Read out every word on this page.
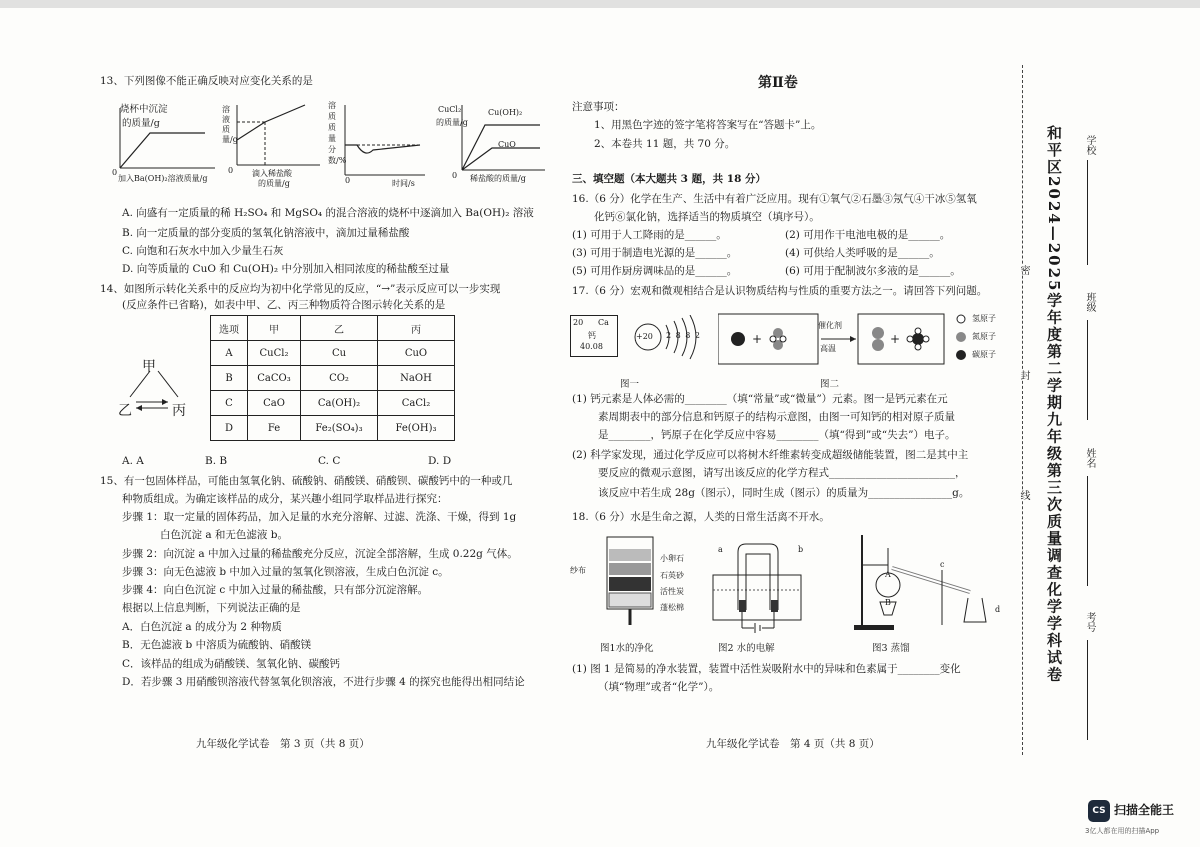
13、下列图像不能正确反映对应变化关系的是
烧杯中沉淀
的质量/g
0
加入Ba(OH)₂溶液质量/g
溶液质量/g
0 滴入稀盐酸
的质量/g
溶质质量分数/%
0	时间/s
CuCl₂
的质量/g
Cu(OH)₂
CuO
0 稀盐酸的质量/g
A. 向盛有一定质量的稀 H₂SO₄ 和 MgSO₄ 的混合溶液的烧杯中逐滴加入 Ba(OH)₂ 溶液
B. 向一定质量的部分变质的氢氧化钠溶液中，滴加过量稀盐酸
C. 向饱和石灰水中加入少量生石灰
D. 向等质量的 CuO 和 Cu(OH)₂ 中分别加入相同浓度的稀盐酸至过量
14、如图所示转化关系中的反应均为初中化学常见的反应，“→”表示反应可以一步实现
(反应条件已省略)，如表中甲、乙、丙三种物质符合图示转化关系的是
甲
乙	丙
选项	甲	乙	丙
A	CuCl₂	Cu	CuO
B	CaCO₃	CO₂	NaOH
C	CaO	Ca(OH)₂	CaCl₂
D	Fe	Fe₂(SO₄)₃	Fe(OH)₃
A. A	B. B	C. C	D. D
15、有一包固体样品，可能由氢氧化钠、硫酸钠、硝酸镁、硝酸钡、碳酸钙中的一种或几
种物质组成。为确定该样品的成分，某兴趣小组同学取样品进行探究：
步骤 1：取一定量的固体药品，加入足量的水充分溶解、过滤、洗涤、干燥，得到 1g
白色沉淀 a 和无色滤液 b。
步骤 2：向沉淀 a 中加入过量的稀盐酸充分反应，沉淀全部溶解，生成 0.22g 气体。
步骤 3：向无色滤液 b 中加入过量的氢氧化钡溶液，生成白色沉淀 c。
步骤 4：向白色沉淀 c 中加入过量的稀盐酸，只有部分沉淀溶解。
根据以上信息判断，下列说法正确的是
A．白色沉淀 a 的成分为 2 种物质
B．无色滤液 b 中溶质为硫酸钠、硝酸镁
C．该样品的组成为硝酸镁、氢氧化钠、碳酸钙
D．若步骤 3 用硝酸钡溶液代替氢氧化钡溶液，不进行步骤 4 的探究也能得出相同结论
九年级化学试卷　第 3 页（共 8 页）
第Ⅱ卷
注意事项：
1、用黑色字迹的签字笔将答案写在“答题卡”上。
2、本卷共 11 题，共 70 分。
三、填空题（本大题共 3 题，共 18 分）
16.（6 分）化学在生产、生活中有着广泛应用。现有①氧气②石墨③氖气④干冰⑤氢氧
化钙⑥氯化钠，选择适当的物质填空（填序号）。
(1) 可用于人工降雨的是______。	(2) 可用作干电池电极的是______。
(3) 可用于制造电光源的是______。	(4) 可供给人类呼吸的是______。
(5) 可用作厨房调味品的是______。	(6) 可用于配制波尔多液的是______。
17.（6 分）宏观和微观相结合是认识物质结构与性质的重要方法之一。请回答下列问题。
20 Ca
钙
40.08
+20 2 8 8 2
图一
+	+
催化剂
高温
图二
氢原子
氮原子
碳原子
(1) 钙元素是人体必需的________（填“常量”或“微量”）元素。图一是钙元素在元
素周期表中的部分信息和钙原子的结构示意图，由图一可知钙的相对原子质量
是________，钙原子在化学反应中容易________（填“得到”或“失去”）电子。
(2) 科学家发现，通过化学反应可以将树木纤维素转变成超级储能装置，图二是其中主
要反应的微观示意图，请写出该反应的化学方程式________________________，
该反应中若生成 28g（图示），同时生成（图示）的质量为________________g。
18.（6 分）水是生命之源，人类的日常生活离不开水。
纱布
小卵石
石英砂
活性炭
蓬松棉
图1水的净化
a	b
图2 水的电解
A
B
c
d
图3 蒸馏
(1) 图 1 是简易的净水装置，装置中活性炭吸附水中的异味和色素属于________变化
（填“物理”或者“化学”）。
九年级化学试卷　第 4 页（共 8 页）
密
封
线 和平区2024—2025学年度第二学期九年级第三次质量调查化学学科试卷 学校
班级
姓名
考号
CS 扫描全能王
3亿人都在用的扫描App
